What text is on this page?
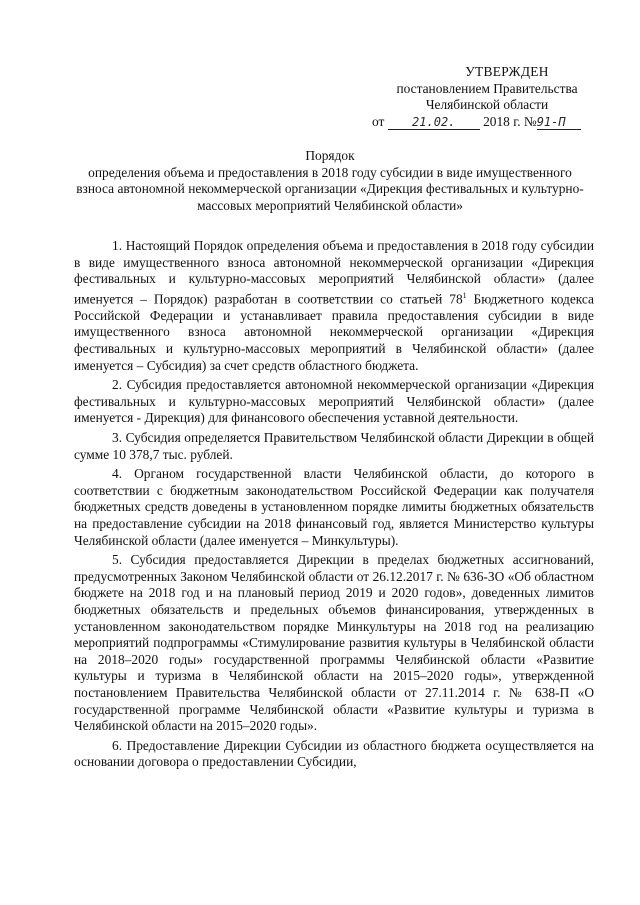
УТВЕРЖДЕН
постановлением Правительства
Челябинской области
от 21.02. 2018 г. №91-П
Порядок
определения объема и предоставления в 2018 году субсидии в виде имущественного взноса автономной некоммерческой организации «Дирекция фестивальных и культурно-массовых мероприятий Челябинской области»

1. Настоящий Порядок определения объема и предоставления в 2018 году субсидии в виде имущественного взноса автономной некоммерческой организации «Дирекция фестивальных и культурно-массовых мероприятий Челябинской области» (далее именуется – Порядок) разработан в соответствии со статьей $78^1$ Бюджетного кодекса Российской Федерации и устанавливает правила предоставления субсидии в виде имущественного взноса автономной некоммерческой организации «Дирекция фестивальных и культурно-массовых мероприятий в Челябинской области» (далее именуется – Субсидия) за счет средств областного бюджета.

2. Субсидия предоставляется автономной некоммерческой организации «Дирекция фестивальных и культурно-массовых мероприятий Челябинской области» (далее именуется - Дирекция) для финансового обеспечения уставной деятельности.

3. Субсидия определяется Правительством Челябинской области Дирекции в общей сумме 10 378,7 тыс. рублей.

4. Органом государственной власти Челябинской области, до которого в соответствии с бюджетным законодательством Российской Федерации как получателя бюджетных средств доведены в установленном порядке лимиты бюджетных обязательств на предоставление субсидии на 2018 финансовый год, является Министерство культуры Челябинской области (далее именуется – Минкультуры).

5. Субсидия предоставляется Дирекции в пределах бюджетных ассигнований, предусмотренных Законом Челябинской области от 26.12.2017 г. № 636-ЗО «Об областном бюджете на 2018 год и на плановый период 2019 и 2020 годов», доведенных лимитов бюджетных обязательств и предельных объемов финансирования, утвержденных в установленном законодательством порядке Минкультуры на 2018 год на реализацию мероприятий подпрограммы «Стимулирование развития культуры в Челябинской области на 2018–2020 годы» государственной программы Челябинской области «Развитие культуры и туризма в Челябинской области на 2015–2020 годы», утвержденной постановлением Правительства Челябинской области от 27.11.2014 г. № 638-П «О государственной программе Челябинской области «Развитие культуры и туризма в Челябинской области на 2015–2020 годы».

6. Предоставление Дирекции Субсидии из областного бюджета осуществляется на основании договора о предоставлении Субсидии,
